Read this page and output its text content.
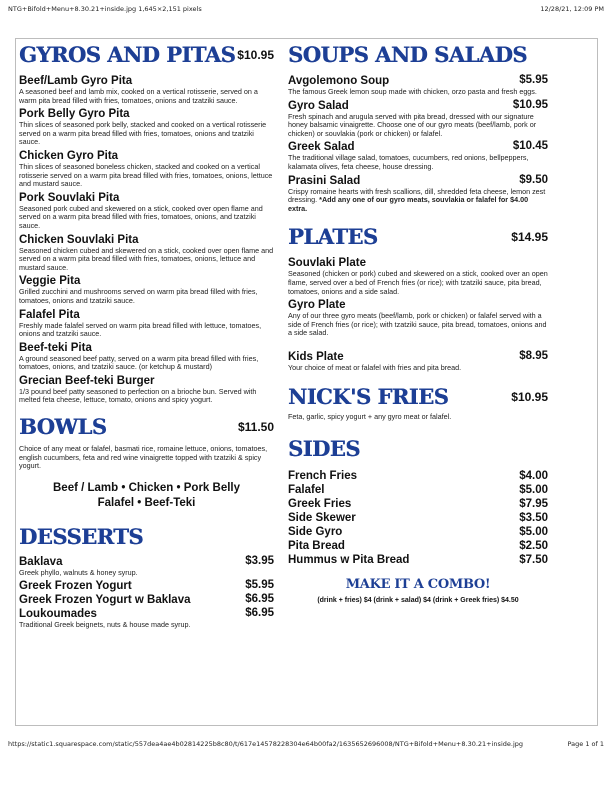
NTG+Bifold+Menu+8.30.21+inside.jpg 1,645×2,151 pixels	12/28/21, 12:09 PM
GYROS AND PITAS $10.95
Beef/Lamb Gyro Pita
A seasoned beef and lamb mix, cooked on a vertical rotisserie, served on a warm pita bread filled with fries, tomatoes, onions and tzatziki sauce.
Pork Belly Gyro Pita
Thin slices of seasoned pork belly, stacked and cooked on a vertical rotisserie served on a warm pita bread filled with fries, tomatoes, onions and tzatziki sauce.
Chicken Gyro Pita
Thin slices of seasoned boneless chicken, stacked and cooked on a vertical rotisserie served on a warm pita bread filled with fries, tomatoes, onions, lettuce and mustard sauce.
Pork Souvlaki Pita
Seasoned pork cubed and skewered on a stick, cooked over open flame and served on a warm pita bread filled with fries, tomatoes, onions, and tzatziki sauce.
Chicken Souvlaki Pita
Seasoned chicken cubed and skewered on a stick, cooked over open flame and served on a warm pita bread filled with fries, tomatoes, onions, lettuce and mustard sauce.
Veggie Pita
Grilled zucchini and mushrooms served on warm pita bread filled with fries, tomatoes, onions and tzatziki sauce.
Falafel Pita
Freshly made falafel served on warm pita bread filled with lettuce, tomatoes, onions and tzatziki sauce.
Beef-teki Pita
A ground seasoned beef patty, served on a warm pita bread filled with fries, tomatoes, onions, and tzatziki sauce. (or ketchup & mustard)
Grecian Beef-teki Burger
1/3 pound beef patty seasoned to perfection on a brioche bun. Served with melted feta cheese, lettuce, tomato, onions and spicy yogurt.
BOWLS	$11.50
Choice of any meat or falafel, basmati rice, romaine lettuce, onions, tomatoes, english cucumbers, feta and red wine vinaigrette topped with tzatziki & spicy yogurt.
Beef / Lamb • Chicken • Pork Belly
Falafel • Beef-Teki
DESSERTS
Baklava	$3.95
Greek phyllo, walnuts & honey syrup.
Greek Frozen Yogurt	$5.95
Greek Frozen Yogurt w Baklava	$6.95
Loukoumades	$6.95
Traditional Greek beignets, nuts & house made syrup.
SOUPS AND SALADS
Avgolemono Soup	$5.95
The famous Greek lemon soup made with chicken, orzo pasta and fresh eggs.
Gyro Salad	$10.95
Fresh spinach and arugula served with pita bread, dressed with our signature honey balsamic vinaigrette. Choose one of our gyro meats (beef/lamb, pork or chicken) or souvlakia (pork or chicken) or falafel.
Greek Salad	$10.45
The traditional village salad, tomatoes, cucumbers, red onions, bellpeppers, kalamata olives, feta cheese, house dressing.
Prasini Salad	$9.50
Crispy romaine hearts with fresh scallions, dill, shredded feta cheese, lemon zest dressing. *Add any one of our gyro meats, souvlakia or falafel for $4.00 extra.
PLATES	$14.95
Souvlaki Plate
Seasoned (chicken or pork) cubed and skewered on a stick, cooked over an open flame, served over a bed of French fries (or rice); with tzatziki sauce, pita bread, tomatoes, onions and a side salad.
Gyro Plate
Any of our three gyro meats (beef/lamb, pork or chicken) or falafel served with a side of French fries (or rice); with tzatziki sauce, pita bread, tomatoes, onions and a side salad.
Kids Plate	$8.95
Your choice of meat or falafel with fries and pita bread.
NICK'S FRIES	$10.95
Feta, garlic, spicy yogurt + any gyro meat or falafel.
SIDES
French Fries	$4.00
Falafel	$5.00
Greek Fries	$7.95
Side Skewer	$3.50
Side Gyro	$5.00
Pita Bread	$2.50
Hummus w Pita Bread	$7.50
MAKE IT A COMBO!
(drink + fries) $4 (drink + salad) $4 (drink + Greek fries) $4.50
https://static1.squarespace.com/static/557dea4ae4b02814225b8c80/t/617e14578228304e64b00fa2/1635652696008/NTG+Bifold+Menu+8.30.21+inside.jpg	Page 1 of 1
